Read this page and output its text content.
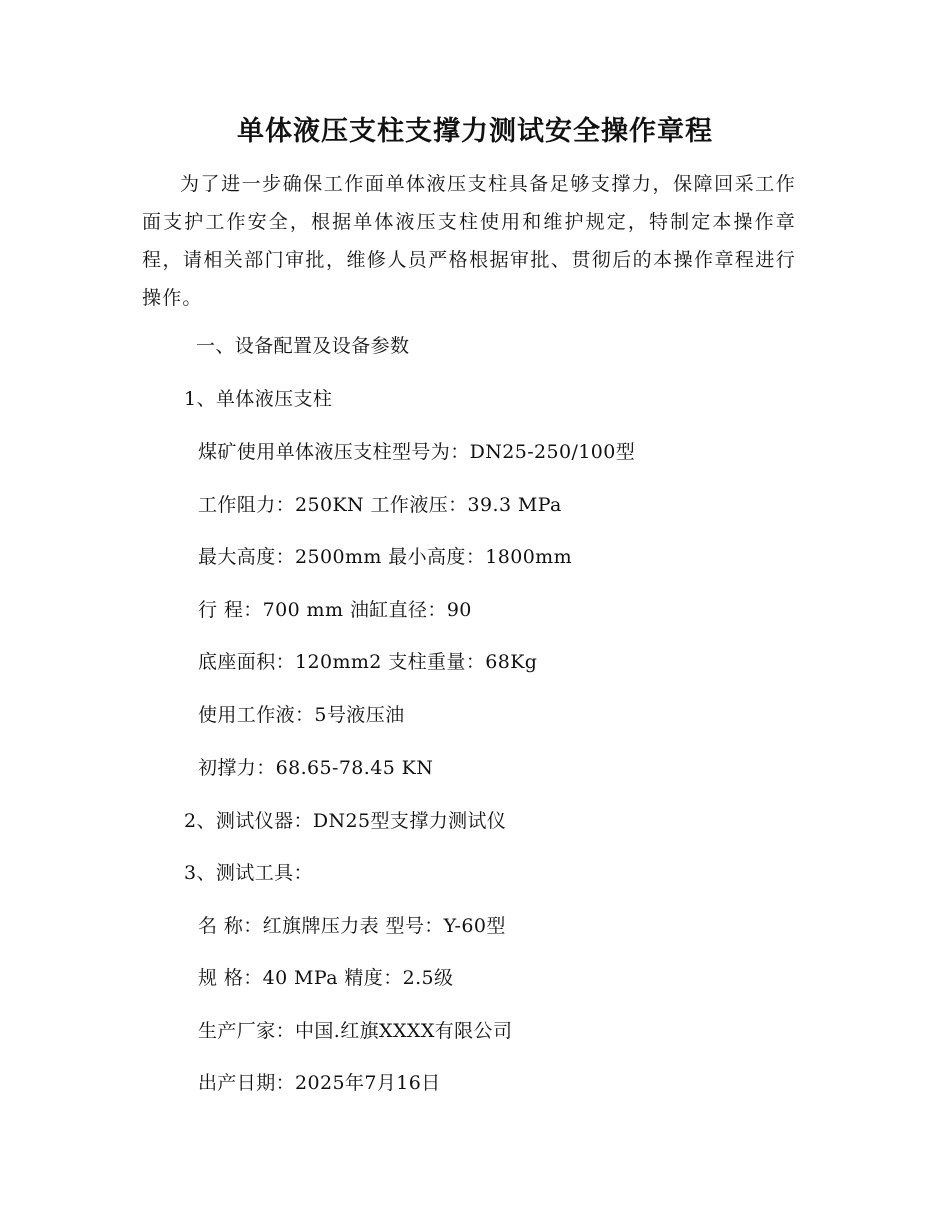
单体液压支柱支撑力测试安全操作章程
为了进一步确保工作面单体液压支柱具备足够支撑力，保障回采工作面支护工作安全，根据单体液压支柱使用和维护规定，特制定本操作章程，请相关部门审批，维修人员严格根据审批、贯彻后的本操作章程进行操作。
一、设备配置及设备参数
1、单体液压支柱
煤矿使用单体液压支柱型号为：DN25-250/100型
工作阻力：250KN 工作液压：39.3 MPa
最大高度：2500mm 最小高度：1800mm
行 程：700 mm 油缸直径：90
底座面积：120mm2 支柱重量：68Kg
使用工作液：5号液压油
初撑力：68.65-78.45 KN
2、测试仪器：DN25型支撑力测试仪
3、测试工具：
名 称：红旗牌压力表 型号：Y-60型
规 格：40 MPa 精度：2.5级
生产厂家：中国.红旗XXXX有限公司
出产日期：2025年7月16日
